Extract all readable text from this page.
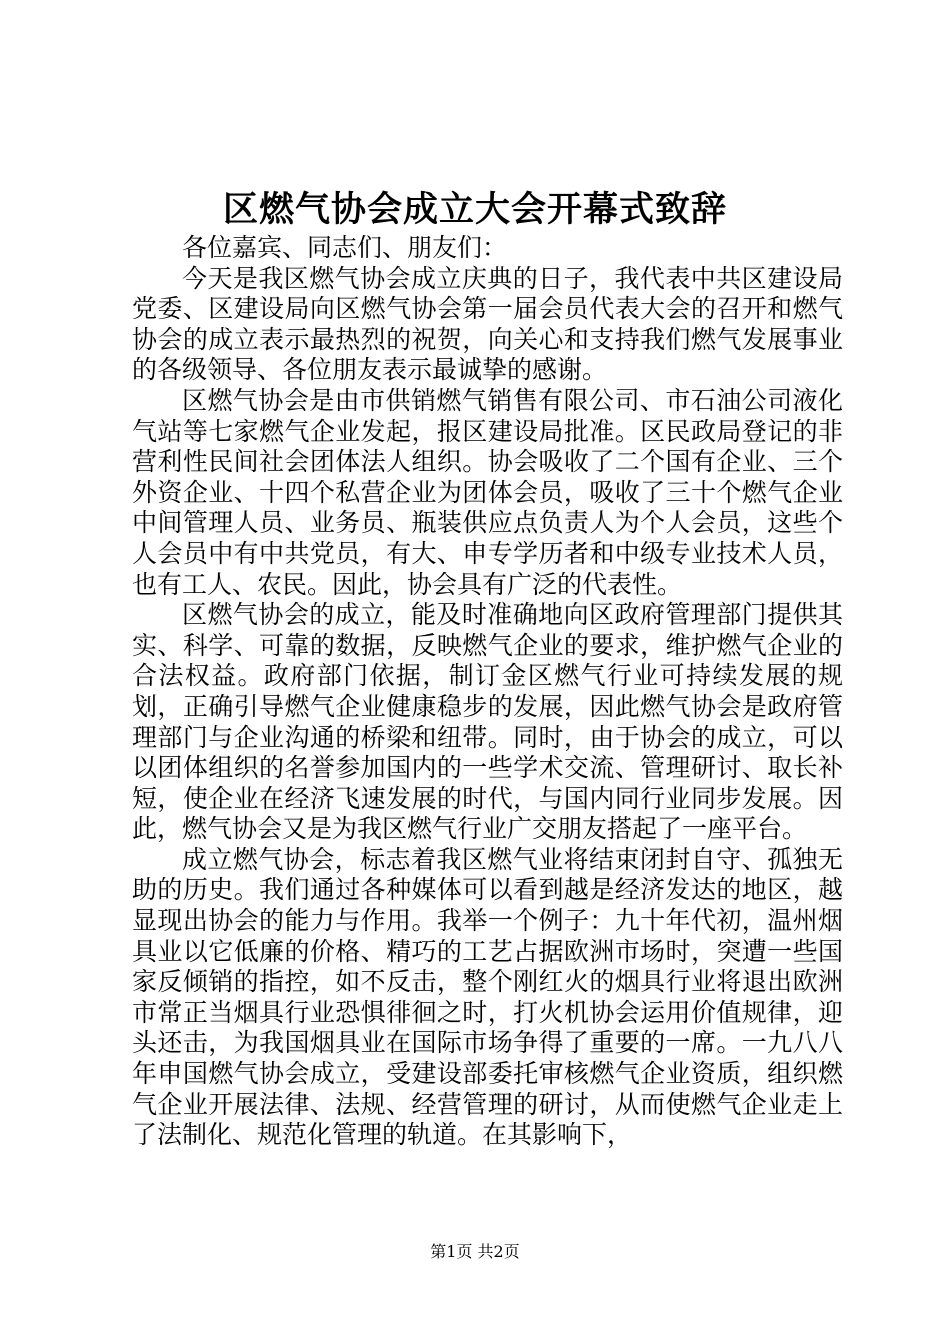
区燃气协会成立大会开幕式致辞

各位嘉宾、同志们、朋友们：

今天是我区燃气协会成立庆典的日子，我代表中共区建设局党委、区建设局向区燃气协会第一届会员代表大会的召开和燃气协会的成立表示最热烈的祝贺，向关心和支持我们燃气发展事业的各级领导、各位朋友表示最诚挚的感谢。

区燃气协会是由市供销燃气销售有限公司、市石油公司液化气站等七家燃气企业发起，报区建设局批准。区民政局登记的非营利性民间社会团体法人组织。协会吸收了二个国有企业、三个外资企业、十四个私营企业为团体会员，吸收了三十个燃气企业中间管理人员、业务员、瓶装供应点负责人为个人会员，这些个人会员中有中共党员，有大、申专学历者和中级专业技术人员，也有工人、农民。因此，协会具有广泛的代表性。

区燃气协会的成立，能及时准确地向区政府管理部门提供其实、科学、可靠的数据，反映燃气企业的要求，维护燃气企业的合法权益。政府部门依据，制订金区燃气行业可持续发展的规划，正确引导燃气企业健康稳步的发展，因此燃气协会是政府管理部门与企业沟通的桥梁和纽带。同时，由于协会的成立，可以以团体组织的名誉参加国内的一些学术交流、管理研讨、取长补短，使企业在经济飞速发展的时代，与国内同行业同步发展。因此，燃气协会又是为我区燃气行业广交朋友搭起了一座平台。

成立燃气协会，标志着我区燃气业将结束闭封自守、孤独无助的历史。我们通过各种媒体可以看到越是经济发达的地区，越显现出协会的能力与作用。我举一个例子：九十年代初，温州烟具业以它低廉的价格、精巧的工艺占据欧洲市场时，突遭一些国家反倾销的指控，如不反击，整个刚红火的烟具行业将退出欧洲市常正当烟具行业恐惧徘徊之时，打火机协会运用价值规律，迎头还击，为我国烟具业在国际市场争得了重要的一席。一九八八年申国燃气协会成立，受建设部委托审核燃气企业资质，组织燃气企业开展法律、法规、经营管理的研讨，从而使燃气企业走上了法制化、规范化管理的轨道。在其影响下，

第1页 共2页
